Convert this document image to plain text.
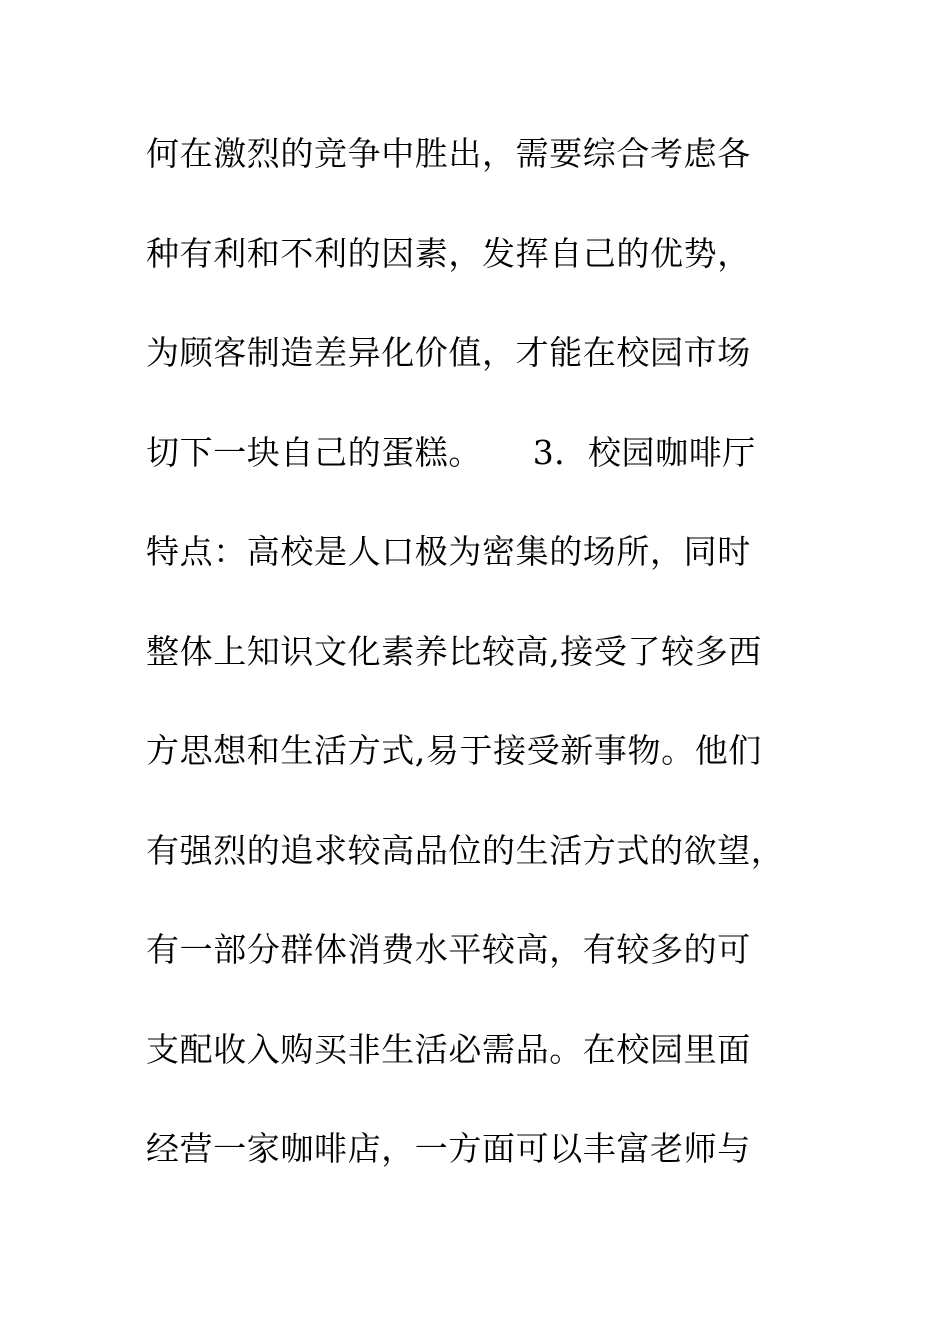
何在激烈的竞争中胜出，需要综合考虑各
种有利和不利的因素，发挥自己的优势，
为顾客制造差异化价值，才能在校园市场
切下一块自己的蛋糕。　　3．校园咖啡厅
特点：高校是人口极为密集的场所，同时
整体上知识文化素养比较高,接受了较多西
方思想和生活方式,易于接受新事物。他们
有强烈的追求较高品位的生活方式的欲望，
有一部分群体消费水平较高，有较多的可
支配收入购买非生活必需品。在校园里面
经营一家咖啡店，一方面可以丰富老师与
